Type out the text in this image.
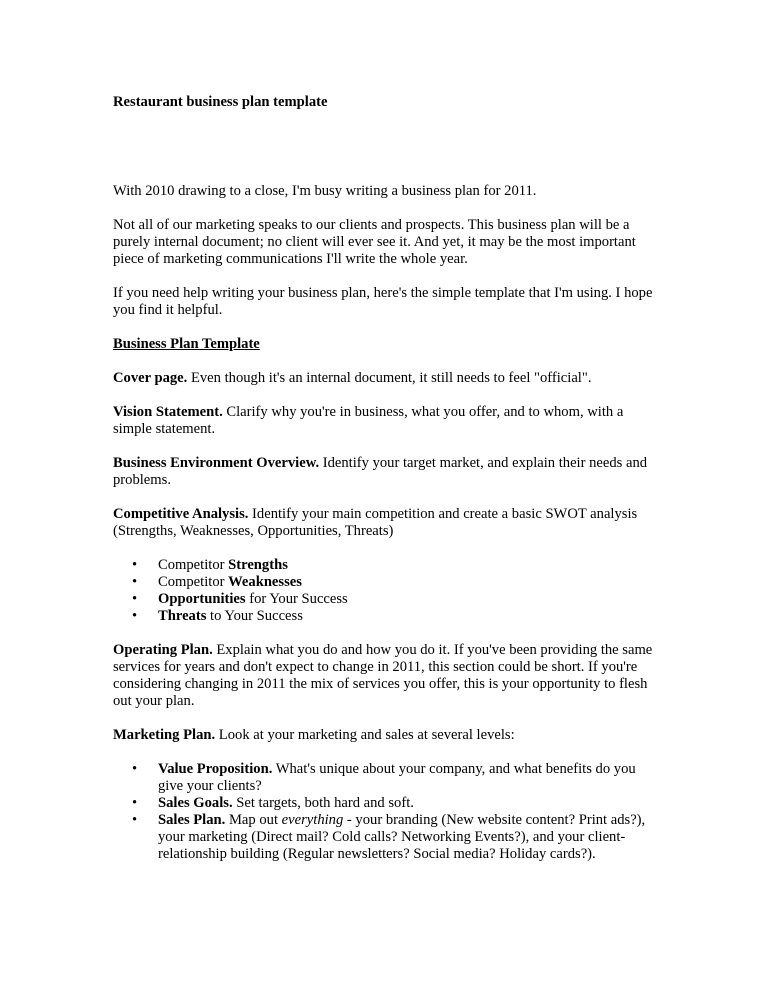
Restaurant business plan template

With 2010 drawing to a close, I'm busy writing a business plan for 2011.

Not all of our marketing speaks to our clients and prospects. This business plan will be a purely internal document; no client will ever see it. And yet, it may be the most important piece of marketing communications I'll write the whole year.

If you need help writing your business plan, here's the simple template that I'm using. I hope you find it helpful.

Business Plan Template

Cover page. Even though it's an internal document, it still needs to feel "official".

Vision Statement. Clarify why you're in business, what you offer, and to whom, with a simple statement.

Business Environment Overview. Identify your target market, and explain their needs and problems.

Competitive Analysis. Identify your main competition and create a basic SWOT analysis (Strengths, Weaknesses, Opportunities, Threats)

• Competitor Strengths
• Competitor Weaknesses
• Opportunities for Your Success
• Threats to Your Success

Operating Plan. Explain what you do and how you do it. If you've been providing the same services for years and don't expect to change in 2011, this section could be short. If you're considering changing in 2011 the mix of services you offer, this is your opportunity to flesh out your plan.

Marketing Plan. Look at your marketing and sales at several levels:

• Value Proposition. What's unique about your company, and what benefits do you give your clients?
• Sales Goals. Set targets, both hard and soft.
• Sales Plan. Map out everything - your branding (New website content? Print ads?), your marketing (Direct mail? Cold calls? Networking Events?), and your client-relationship building (Regular newsletters? Social media? Holiday cards?).
